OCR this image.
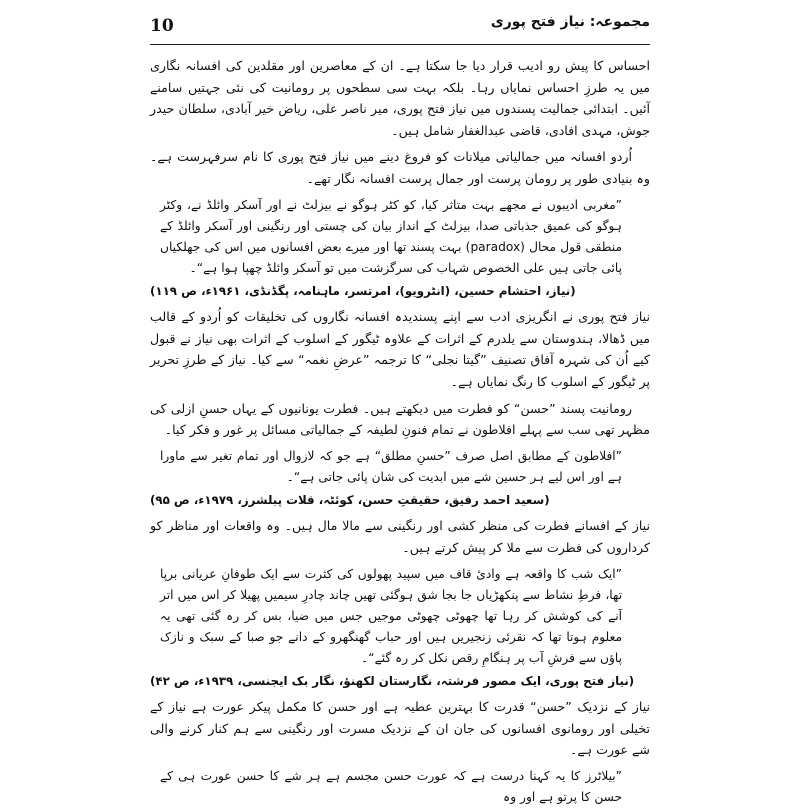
10	مجموعہ: نیاز فتح پوری

احساس کا پیش رو ادیب قرار دیا جا سکتا ہے۔ ان کے معاصرین اور مقلدین کی افسانہ نگاری میں یہ طرزِ احساس نمایاں رہا۔ بلکہ بہت سی سطحوں پر رومانیت کی نئی جہتیں سامنے آئیں۔ ابتدائی جمالیت پسندوں میں نیاز فتح پوری، میر ناصر علی، ریاض خیر آبادی، سلطان حیدر جوش، مہدی افادی، قاضی عبدالغفار شامل ہیں۔

اُردو افسانہ میں جمالیاتی میلانات کو فروغ دینے میں نیاز فتح پوری کا نام سرفہرست ہے۔ وہ بنیادی طور پر رومان پرست اور جمال پرست افسانہ نگار تھے۔

”مغربی ادیبوں نے مجھے بہت متاثر کیا، کو کٹر ہوگو نے بیزلٹ نے اور آسکر وائلڈ نے، وکٹر ہوگو کی عمیق جذباتی صدا، بیزلٹ کے انداز بیان کی چستی اور رنگینی اور آسکر وائلڈ کے منطقی قول محال (paradox) بہت پسند تھا اور میرے بعض افسانوں میں اس کی جھلکیاں پائی جاتی ہیں علی الخصوص شہاب کی سرگزشت میں تو آسکر وائلڈ چھپا ہوا ہے“۔

(نیاز، احتشام حسین، (انٹرویو)، امرتسر، ماہنامہ، پگڈنڈی، ۱۹۶۱ء، ص ۱۱۹)

نیاز فتح پوری نے انگریزی ادب سے اپنے پسندیدہ افسانہ نگاروں کی تخلیقات کو اُردو کے قالب میں ڈھالا، ہندوستان سے یلدرم کے اثرات کے علاوہ ٹیگور کے اسلوب کے اثرات بھی نیاز نے قبول کیے اُن کی شہرہ آفاق تصنیف ”گیتا نجلی“ کا ترجمہ ”عرضِ نغمہ“ سے کیا۔ نیاز کے طرزِ تحریر پر ٹیگور کے اسلوب کا رنگ نمایاں ہے۔

رومانیت پسند ”حسن“ کو فطرت میں دیکھتے ہیں۔ فطرت یونانیوں کے یہاں حسنِ ازلی کی مظہر تھی سب سے پہلے افلاطون نے تمام فنونِ لطیفہ کے جمالیاتی مسائل پر غور و فکر کیا۔

”افلاطون کے مطابق اصل صرف ”حسنِ مطلق“ ہے جو کہ لازوال اور تمام تغیر سے ماورا ہے اور اس لیے ہر حسین شے میں ابدیت کی شان پائی جاتی ہے“۔

(سعید احمد رفیق، حقیقتِ حسن، کوئٹہ، قلات پبلشرز، ۱۹۷۹ء، ص ۹۵)

نیاز کے افسانے فطرت کی منظر کشی اور رنگینی سے مالا مال ہیں۔ وہ واقعات اور مناظر کو کرداروں کی فطرت سے ملا کر پیش کرتے ہیں۔

”ایک شب کا واقعہ ہے وادیٔ قاف میں سپید پھولوں کی کثرت سے ایک طوفانِ عریانی برپا تھا، فرطِ نشاط سے پنکھڑیاں جا بجا شق ہوگئی تھیں چاند چادرِ سیمیں پھیلا کر اس میں اتر آنے کی کوشش کر رہا تھا چھوٹی چھوٹی موجیں جس میں ضیا، بس کر رہ گئی تھی یہ معلوم ہوتا تھا کہ نقرئی زنجیریں ہیں اور حباب گھنگھرو کے دانے جو صبا کے سبک و نازک پاؤں سے فرشِ آب پر ہنگامِ رقص نکل کر رہ گئے“۔

(نیاز فتح پوری، ایک مصور فرشتہ، نگارستان لکھنؤ، نگار بک ایجنسی، ۱۹۳۹ء، ص ۴۲)

نیاز کے نزدیک ”حسن“ قدرت کا بہترین عطیہ ہے اور حسن کا مکمل پیکر عورت ہے نیاز کے تخیلی اور رومانوی افسانوں کی جان ان کے نزدیک مسرت اور رنگینی سے ہم کنار کرنے والی شے عورت ہے۔

”بیلاٹرز کا یہ کہنا درست ہے کہ عورت حسن مجسم ہے ہر شے کا حسن عورت ہی کے حسن کا پرتو ہے اور وہ
